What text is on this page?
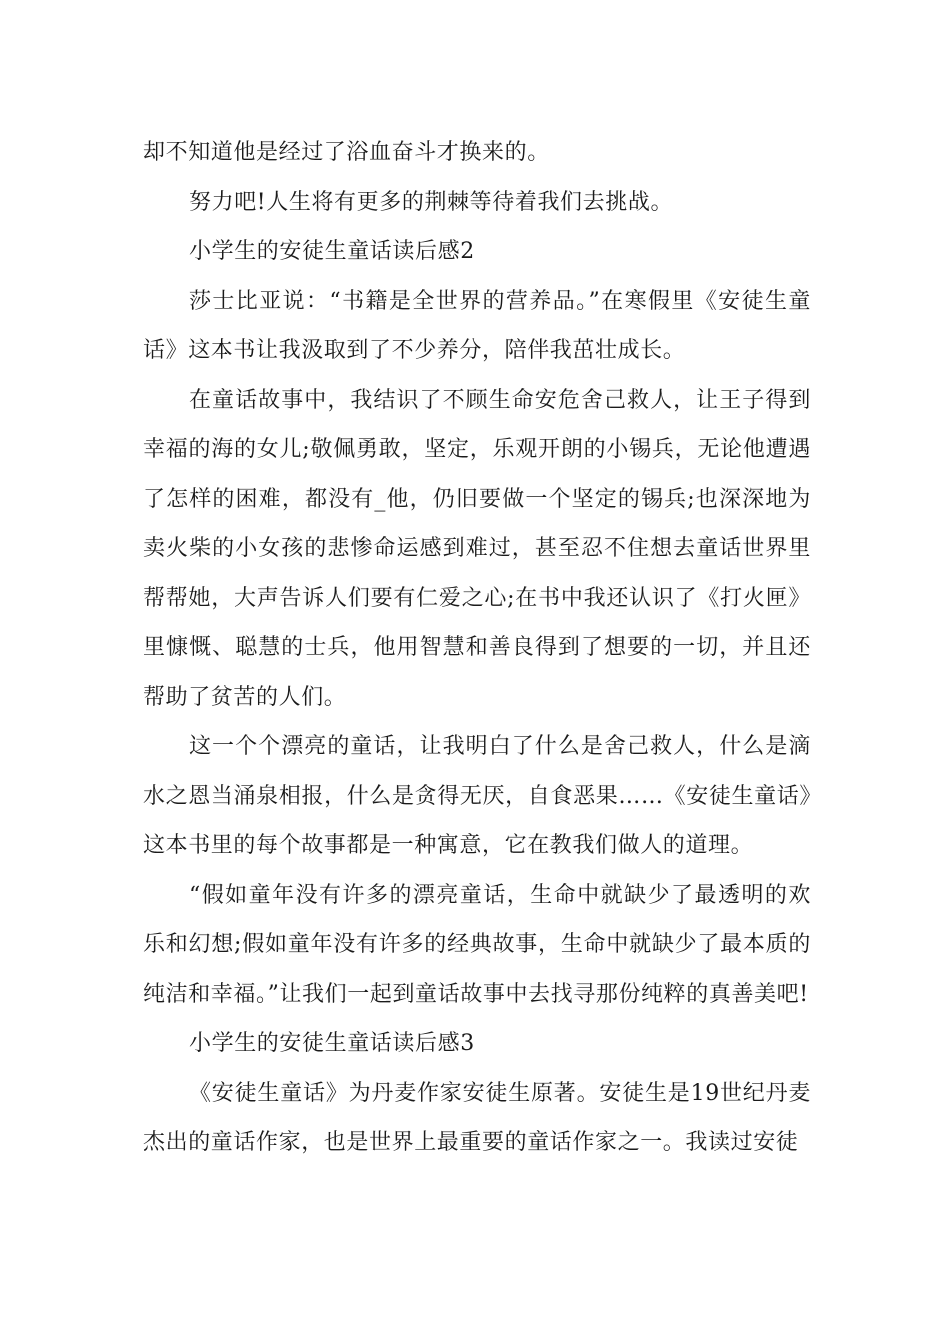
却不知道他是经过了浴血奋斗才换来的。

努力吧!人生将有更多的荆棘等待着我们去挑战。

小学生的安徒生童话读后感2

莎士比亚说：“书籍是全世界的营养品。”在寒假里《安徒生童话》这本书让我汲取到了不少养分，陪伴我茁壮成长。

在童话故事中，我结识了不顾生命安危舍己救人，让王子得到幸福的海的女儿;敬佩勇敢，坚定，乐观开朗的小锡兵，无论他遭遇了怎样的困难，都没有_他，仍旧要做一个坚定的锡兵;也深深地为卖火柴的小女孩的悲惨命运感到难过，甚至忍不住想去童话世界里帮帮她，大声告诉人们要有仁爱之心;在书中我还认识了《打火匣》里慷慨、聪慧的士兵，他用智慧和善良得到了想要的一切，并且还帮助了贫苦的人们。

这一个个漂亮的童话，让我明白了什么是舍己救人，什么是滴水之恩当涌泉相报，什么是贪得无厌，自食恶果……《安徒生童话》这本书里的每个故事都是一种寓意，它在教我们做人的道理。

“假如童年没有许多的漂亮童话，生命中就缺少了最透明的欢乐和幻想;假如童年没有许多的经典故事，生命中就缺少了最本质的纯洁和幸福。”让我们一起到童话故事中去找寻那份纯粹的真善美吧!

小学生的安徒生童话读后感3

《安徒生童话》为丹麦作家安徒生原著。安徒生是19世纪丹麦杰出的童话作家，也是世界上最重要的童话作家之一。我读过安徒
